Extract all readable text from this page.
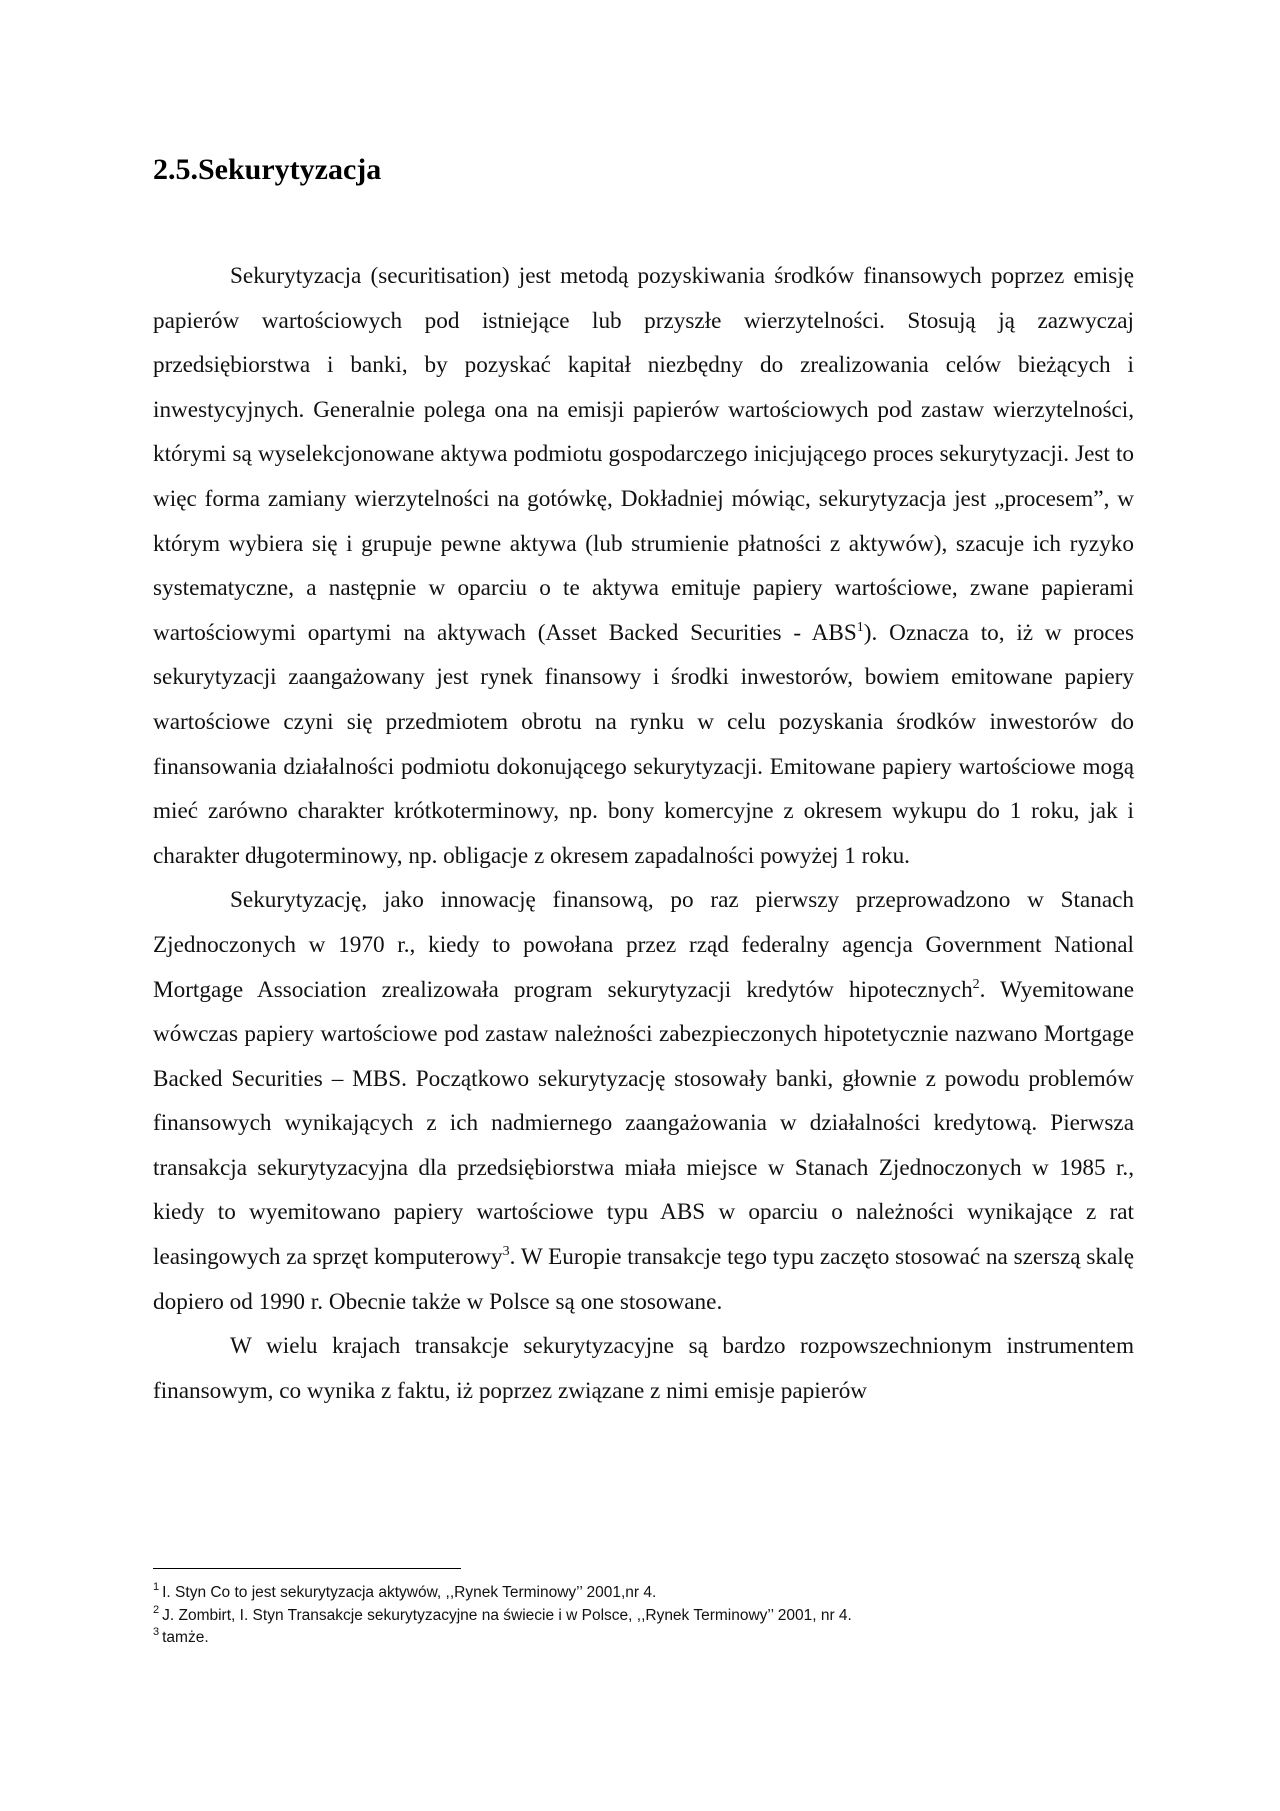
2.5.Sekurytyzacja

Sekurytyzacja (securitisation) jest metodą pozyskiwania środków finansowych poprzez emisję papierów wartościowych pod istniejące lub przyszłe wierzytelności. Stosują ją zazwyczaj przedsiębiorstwa i banki, by pozyskać kapitał niezbędny do zrealizowania celów bieżących i inwestycyjnych. Generalnie polega ona na emisji papierów wartościowych pod zastaw wierzytelności, którymi są wyselekcjonowane aktywa podmiotu gospodarczego inicjującego proces sekurytyzacji. Jest to więc forma zamiany wierzytelności na gotówkę, Dokładniej mówiąc, sekurytyzacja jest „procesem”, w którym wybiera się i grupuje pewne aktywa (lub strumienie płatności z aktywów), szacuje ich ryzyko systematyczne, a następnie w oparciu o te aktywa emituje papiery wartościowe, zwane papierami wartościowymi opartymi na aktywach (Asset Backed Securities - ABS$^1$). Oznacza to, iż w proces sekurytyzacji zaangażowany jest rynek finansowy i środki inwestorów, bowiem emitowane papiery wartościowe czyni się przedmiotem obrotu na rynku w celu pozyskania środków inwestorów do finansowania działalności podmiotu dokonującego sekurytyzacji. Emitowane papiery wartościowe mogą mieć zarówno charakter krótkoterminowy, np. bony komercyjne z okresem wykupu do 1 roku, jak i charakter długoterminowy, np. obligacje z okresem zapadalności powyżej 1 roku.

Sekurytyzację, jako innowację finansową, po raz pierwszy przeprowadzono w Stanach Zjednoczonych w 1970 r., kiedy to powołana przez rząd federalny agencja Government National Mortgage Association zrealizowała program sekurytyzacji kredytów hipotecznych$^2$. Wyemitowane wówczas papiery wartościowe pod zastaw należności zabezpieczonych hipotetycznie nazwano Mortgage Backed Securities – MBS. Początkowo sekurytyzację stosowały banki, głownie z powodu problemów finansowych wynikających z ich nadmiernego zaangażowania w działalności kredytową. Pierwsza transakcja sekurytyzacyjna dla przedsiębiorstwa miała miejsce w Stanach Zjednoczonych w 1985 r., kiedy to wyemitowano papiery wartościowe typu ABS w oparciu o należności wynikające z rat leasingowych za sprzęt komputerowy$^3$. W Europie transakcje tego typu zaczęto stosować na szerszą skalę dopiero od 1990 r. Obecnie także w Polsce są one stosowane.

W wielu krajach transakcje sekurytyzacyjne są bardzo rozpowszechnionym instrumentem finansowym, co wynika z faktu, iż poprzez związane z nimi emisje papierów

1 I. Styn Co to jest sekurytyzacja aktywów, ,,Rynek Terminowy’’ 2001,nr 4.

2 J. Zombirt, I. Styn Transakcje sekurytyzacyjne na świecie i w Polsce, ,,Rynek Terminowy’’ 2001, nr 4.

3 tamże.
